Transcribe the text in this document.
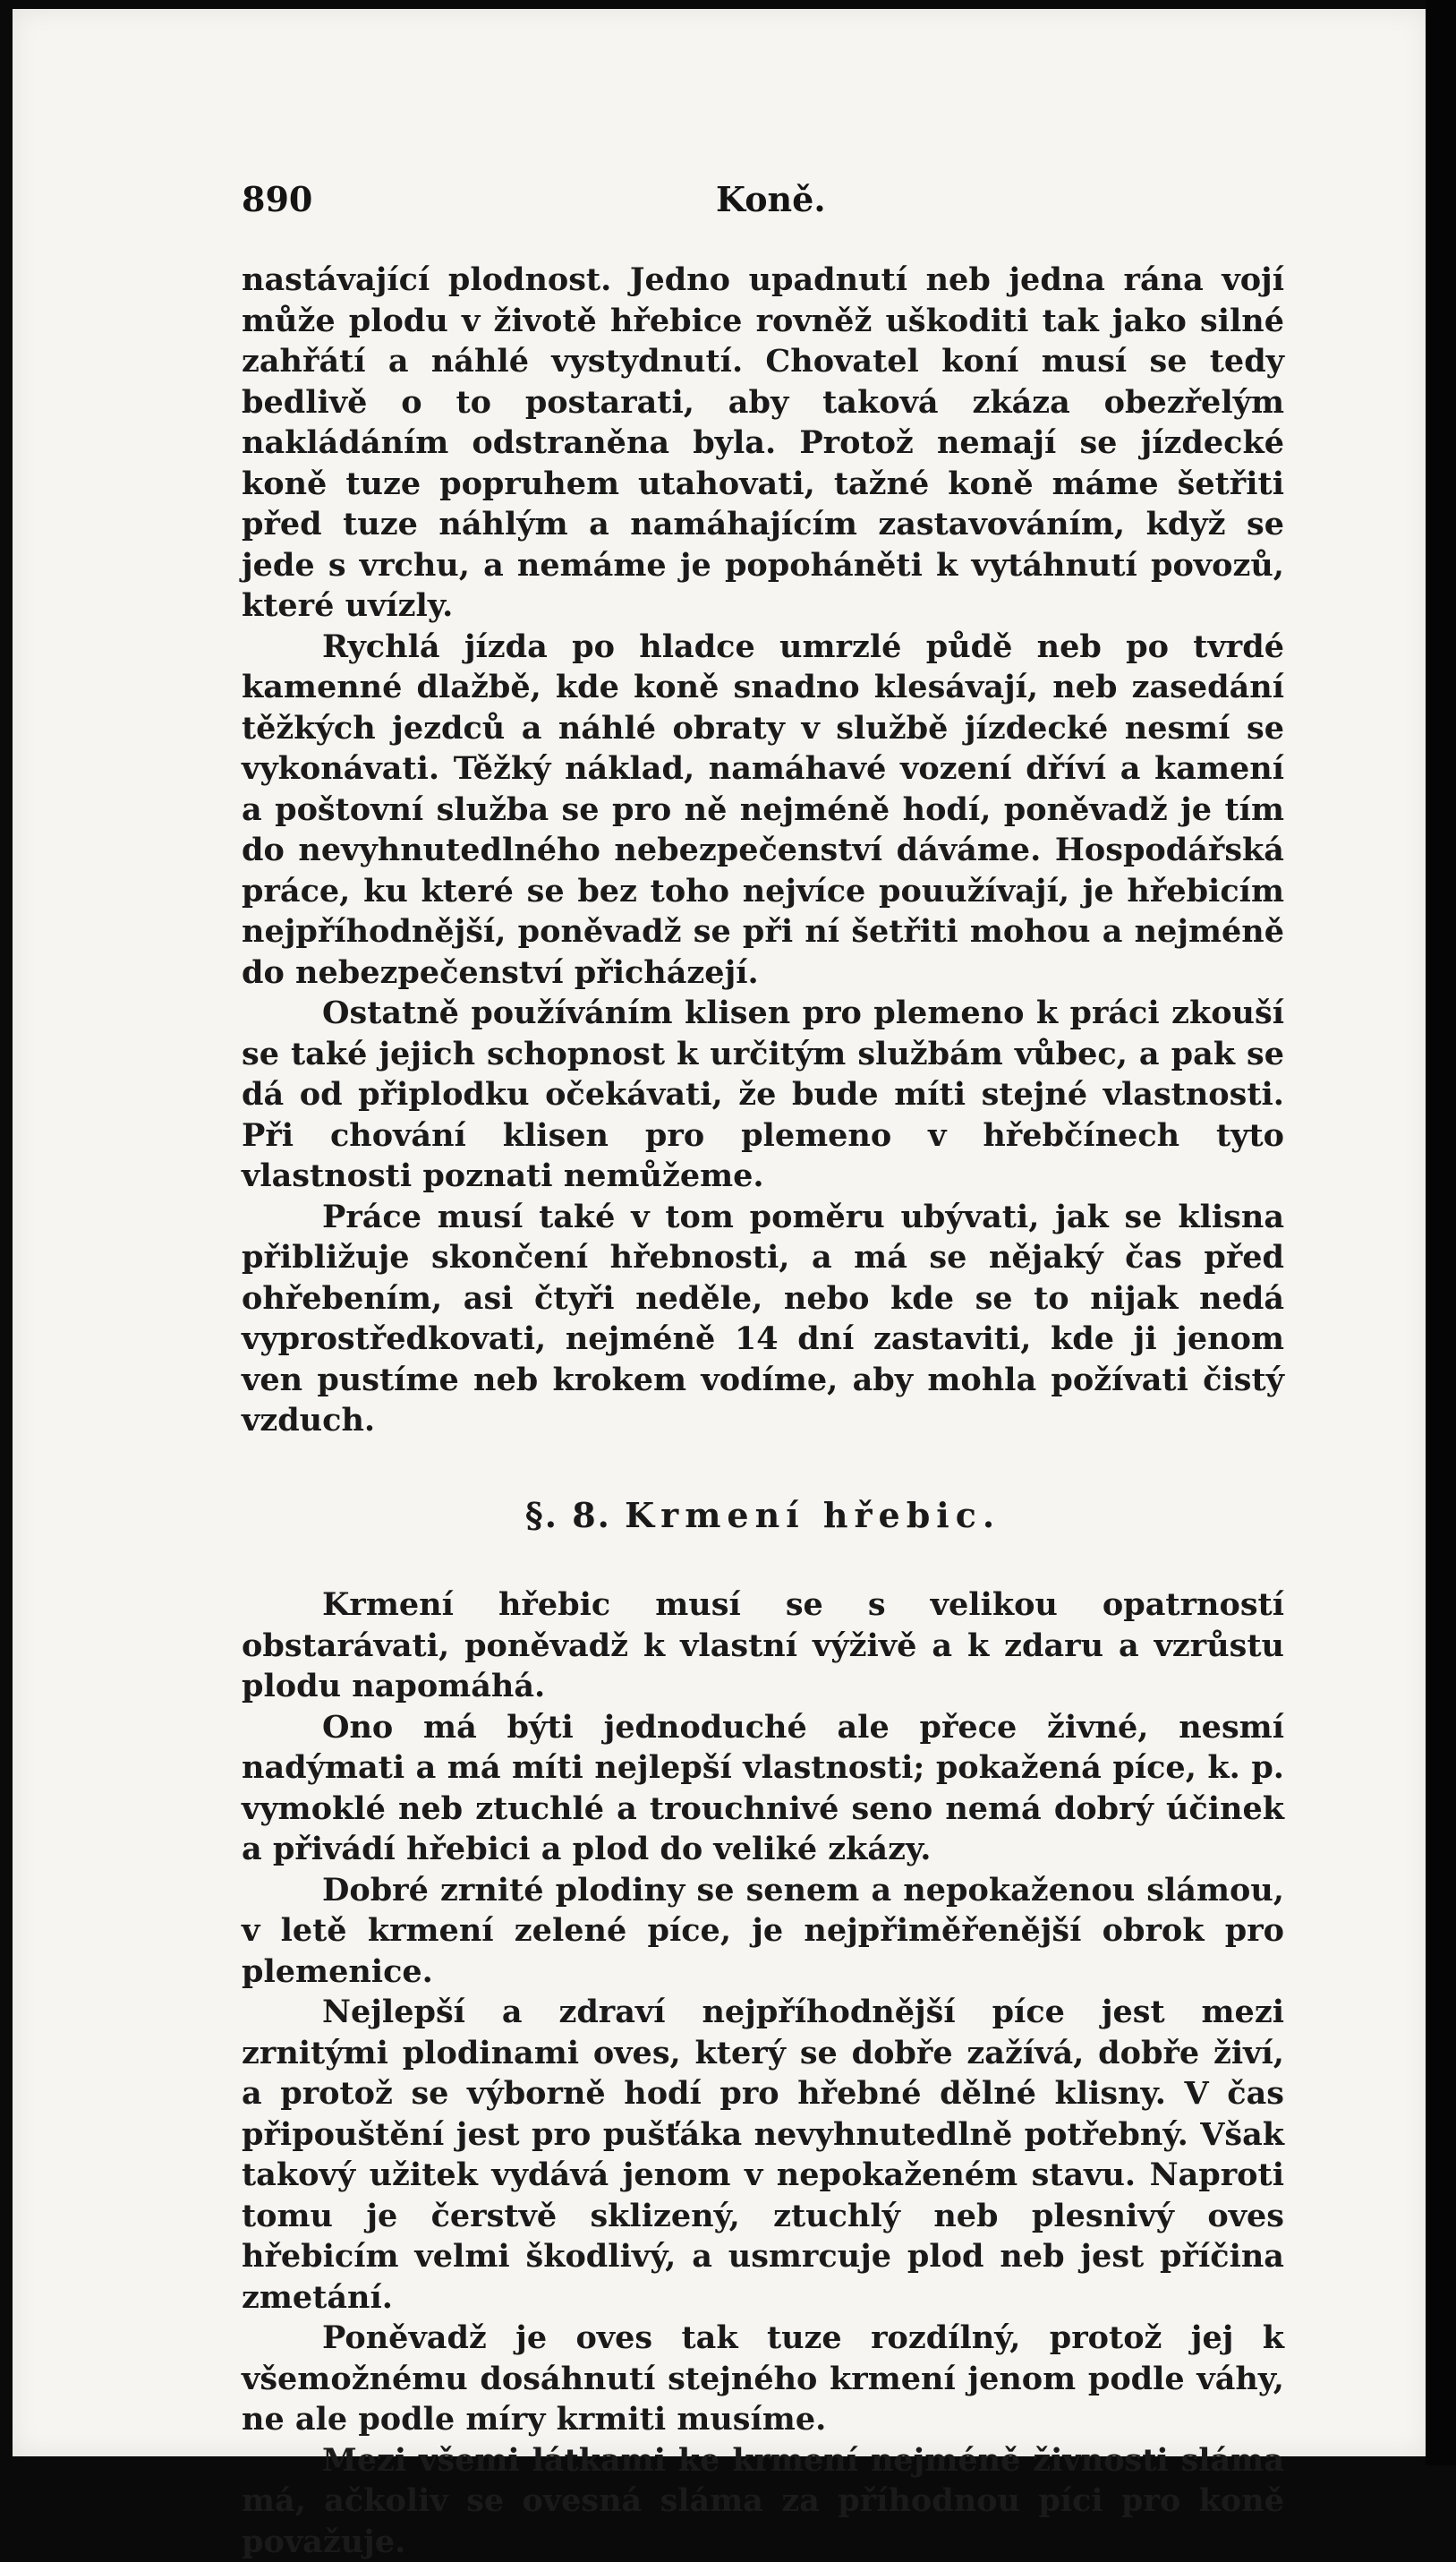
890	Koně.

nastávající plodnost. Jedno upadnutí neb jedna rána vojí může plodu v životě hřebice rovněž uškoditi tak jako silné zahřátí a náhlé vystydnutí. Chovatel koní musí se tedy bedlivě o to postarati, aby taková zkáza obezřelým nakládáním odstraněna byla. Protož nemají se jízdecké koně tuze popruhem utahovati, tažné koně máme šetřiti před tuze náhlým a namáhajícím zastavováním, když se jede s vrchu, a nemáme je popoháněti k vytáhnutí povozů, které uvízly.

Rychlá jízda po hladce umrzlé půdě neb po tvrdé kamenné dlažbě, kde koně snadno klesávají, neb zasedání těžkých jezdců a náhlé obraty v službě jízdecké nesmí se vykonávati. Těžký náklad, namáhavé vození dříví a kamení a poštovní služba se pro ně nejméně hodí, poněvadž je tím do nevyhnutedlného nebezpečenství dáváme. Hospodářská práce, ku které se bez toho nejvíce pouužívají, je hřebicím nejpříhodnější, poněvadž se při ní šetřiti mohou a nejméně do nebezpečenství přicházejí.

Ostatně používáním klisen pro plemeno k práci zkouší se také jejich schopnost k určitým službám vůbec, a pak se dá od připlodku očekávati, že bude míti stejné vlastnosti. Při chování klisen pro plemeno v hřebčínech tyto vlastnosti poznati nemůžeme.

Práce musí také v tom poměru ubývati, jak se klisna přibližuje skončení hřebnosti, a má se nějaký čas před ohřebením, asi čtyři neděle, nebo kde se to nijak nedá vyprostředkovati, nejméně 14 dní zastaviti, kde ji jenom ven pustíme neb krokem vodíme, aby mohla požívati čistý vzduch.

§. 8. Krmení hřebic.

Krmení hřebic musí se s velikou opatrností obstarávati, poněvadž k vlastní výživě a k zdaru a vzrůstu plodu napomáhá.

Ono má býti jednoduché ale přece živné, nesmí nadýmati a má míti nejlepší vlastnosti; pokažená píce, k. p. vymoklé neb ztuchlé a trouchnivé seno nemá dobrý účinek a přivádí hřebici a plod do veliké zkázy.

Dobré zrnité plodiny se senem a nepokaženou slámou, v letě krmení zelené píce, je nejpřiměřenější obrok pro plemenice.

Nejlepší a zdraví nejpříhodnější píce jest mezi zrnitými plodinami oves, který se dobře zažívá, dobře živí, a protož se výborně hodí pro hřebné dělné klisny. V čas připouštění jest pro pušťáka nevyhnutedlně potřebný. Však takový užitek vydává jenom v nepokaženém stavu. Naproti tomu je čerstvě sklizený, ztuchlý neb plesnivý oves hřebicím velmi škodlivý, a usmrcuje plod neb jest příčina zmetání.

Poněvadž je oves tak tuze rozdílný, protož jej k všemožnému dosáhnutí stejného krmení jenom podle váhy, ne ale podle míry krmiti musíme.

Mezi všemi látkami ke krmení nejméně živnosti sláma má, ačkoliv se ovesná sláma za příhodnou píci pro koně považuje.
